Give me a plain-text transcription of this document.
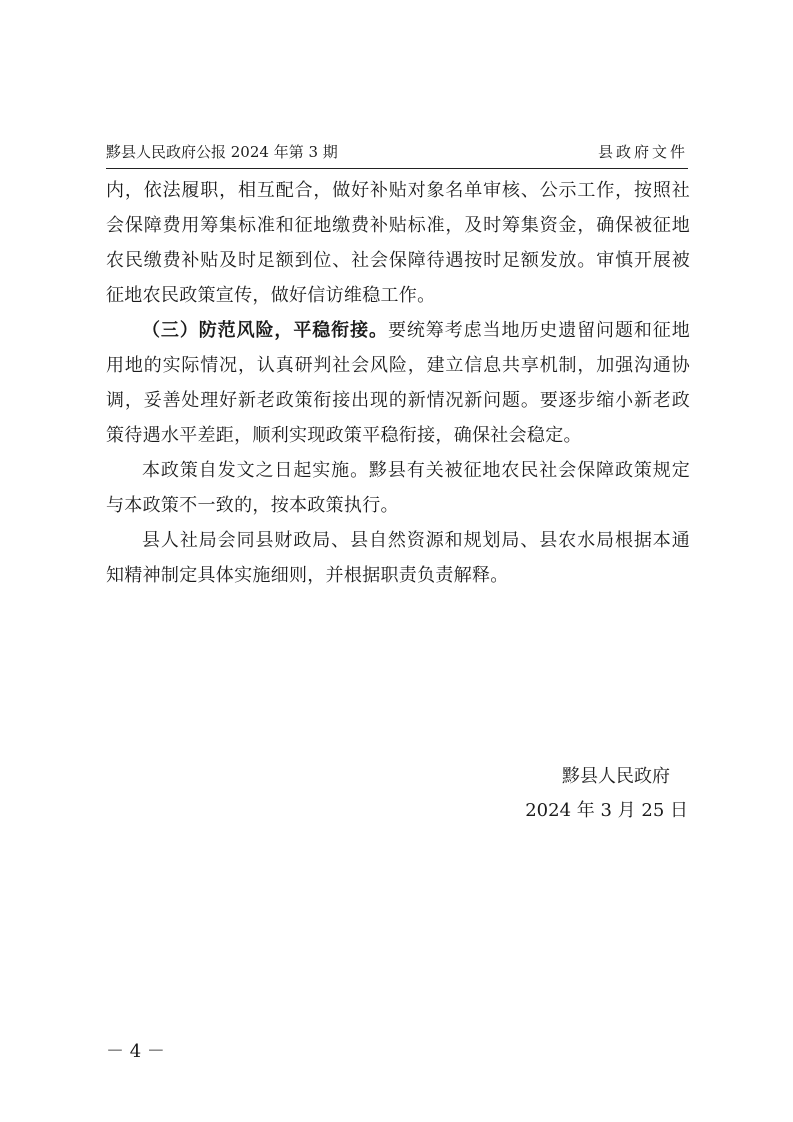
黟县人民政府公报 2024 年第 3 期	县政府文件

内，依法履职，相互配合，做好补贴对象名单审核、公示工作，按照社会保障费用筹集标准和征地缴费补贴标准，及时筹集资金，确保被征地农民缴费补贴及时足额到位、社会保障待遇按时足额发放。审慎开展被征地农民政策宣传，做好信访维稳工作。

（三）防范风险，平稳衔接。要统筹考虑当地历史遗留问题和征地用地的实际情况，认真研判社会风险，建立信息共享机制，加强沟通协调，妥善处理好新老政策衔接出现的新情况新问题。要逐步缩小新老政策待遇水平差距，顺利实现政策平稳衔接，确保社会稳定。

本政策自发文之日起实施。黟县有关被征地农民社会保障政策规定与本政策不一致的，按本政策执行。

县人社局会同县财政局、县自然资源和规划局、县农水局根据本通知精神制定具体实施细则，并根据职责负责解释。

黟县人民政府
2024 年 3 月 25 日
－ 4 －
